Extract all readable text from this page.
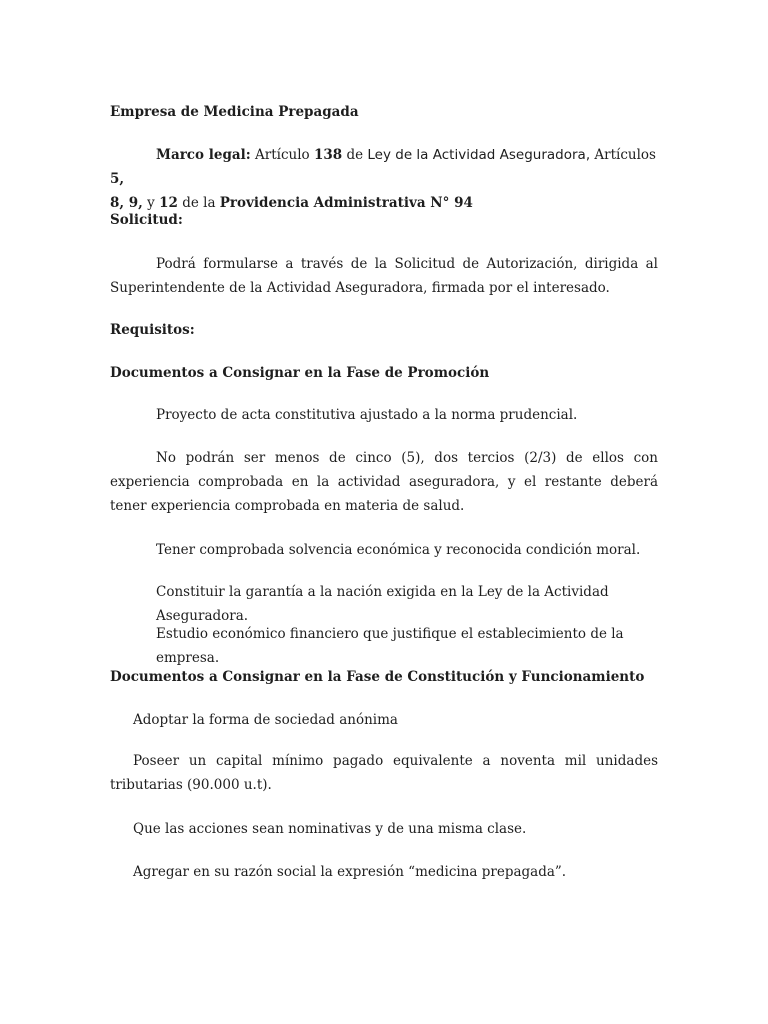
Empresa de Medicina Prepagada

Marco legal: Artículo 138 de Ley de la Actividad Aseguradora, Artículos 5,
8, 9, y 12 de la Providencia Administrativa N° 94

Solicitud:

Podrá formularse a través de la Solicitud de Autorización, dirigida al Superintendente de la Actividad Aseguradora, firmada por el interesado.

Requisitos:

Documentos a Consignar en la Fase de Promoción

Proyecto de acta constitutiva ajustado a la norma prudencial.

No podrán ser menos de cinco (5), dos tercios (2/3) de ellos con experiencia comprobada en la actividad aseguradora, y el restante deberá tener experiencia comprobada en materia de salud.

Tener comprobada solvencia económica y reconocida condición moral.

Constituir la garantía a la nación exigida en la Ley de la Actividad Aseguradora.

Estudio económico financiero que justifique el establecimiento de la empresa.

Documentos a Consignar en la Fase de Constitución y Funcionamiento

Adoptar la forma de sociedad anónima

Poseer un capital mínimo pagado equivalente a noventa mil unidades tributarias (90.000 u.t).

Que las acciones sean nominativas y de una misma clase.

Agregar en su razón social la expresión “medicina prepagada”.
